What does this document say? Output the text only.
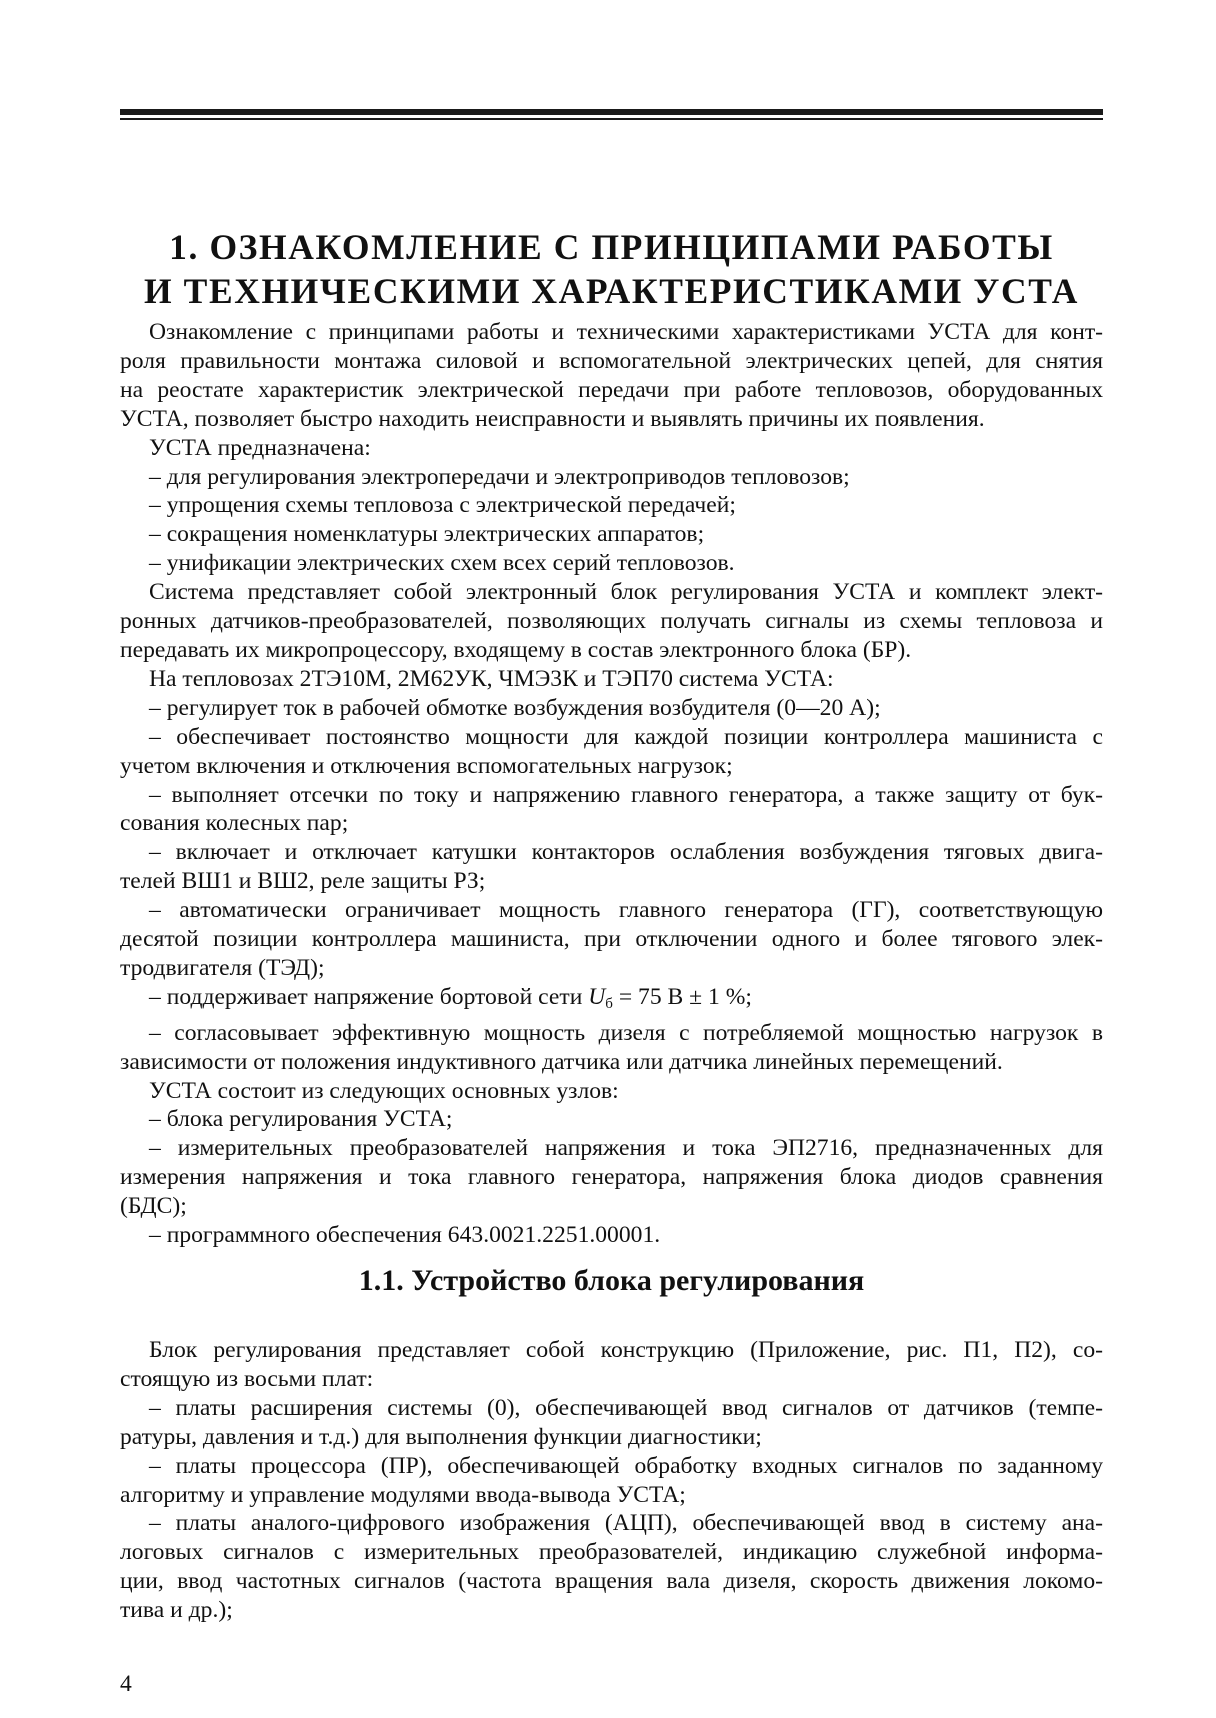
1. ОЗНАКОМЛЕНИЕ С ПРИНЦИПАМИ РАБОТЫ
И ТЕХНИЧЕСКИМИ ХАРАКТЕРИСТИКАМИ УСТА

Ознакомление с принципами работы и техническими характеристиками УСТА для конт-
роля правильности монтажа силовой и вспомогательной электрических цепей, для снятия
на реостате характеристик электрической передачи при работе тепловозов, оборудованных
УСТА, позволяет быстро находить неисправности и выявлять причины их появления.

УСТА предназначена:

– для регулирования электропередачи и электроприводов тепловозов;
– упрощения схемы тепловоза с электрической передачей;
– сокращения номенклатуры электрических аппаратов;
– унификации электрических схем всех серий тепловозов.

Система представляет собой электронный блок регулирования УСТА и комплект элект-
ронных датчиков-преобразователей, позволяющих получать сигналы из схемы тепловоза и
передавать их микропроцессору, входящему в состав электронного блока (БР).

На тепловозах 2ТЭ10М, 2М62УК, ЧМЭ3К и ТЭП70 система УСТА:

– регулирует ток в рабочей обмотке возбуждения возбудителя (0—20 А);

– обеспечивает постоянство мощности для каждой позиции контроллера машиниста с
учетом включения и отключения вспомогательных нагрузок;

– выполняет отсечки по току и напряжению главного генератора, а также защиту от бук-
сования колесных пар;

– включает и отключает катушки контакторов ослабления возбуждения тяговых двига-
телей ВШ1 и ВШ2, реле защиты РЗ;

– автоматически ограничивает мощность главного генератора (ГГ), соответствующую
десятой позиции контроллера машиниста, при отключении одного и более тягового элек-
тродвигателя (ТЭД);

– поддерживает напряжение бортовой сети $U_б = 75$ В ± 1 %;

– согласовывает эффективную мощность дизеля с потребляемой мощностью нагрузок в
зависимости от положения индуктивного датчика или датчика линейных перемещений.

УСТА состоит из следующих основных узлов:

– блока регулирования УСТА;

– измерительных преобразователей напряжения и тока ЭП2716, предназначенных для
измерения напряжения и тока главного генератора, напряжения блока диодов сравнения
(БДС);

– программного обеспечения 643.0021.2251.00001.

1.1. Устройство блока регулирования

Блок регулирования представляет собой конструкцию (Приложение, рис. П1, П2), со-
стоящую из восьми плат:

– платы расширения системы (0), обеспечивающей ввод сигналов от датчиков (темпе-
ратуры, давления и т.д.) для выполнения функции диагностики;

– платы процессора (ПР), обеспечивающей обработку входных сигналов по заданному
алгоритму и управление модулями ввода-вывода УСТА;

– платы аналого-цифрового изображения (АЦП), обеспечивающей ввод в систему ана-
логовых сигналов с измерительных преобразователей, индикацию служебной информа-
ции, ввод частотных сигналов (частота вращения вала дизеля, скорость движения локомо-
тива и др.);

4
